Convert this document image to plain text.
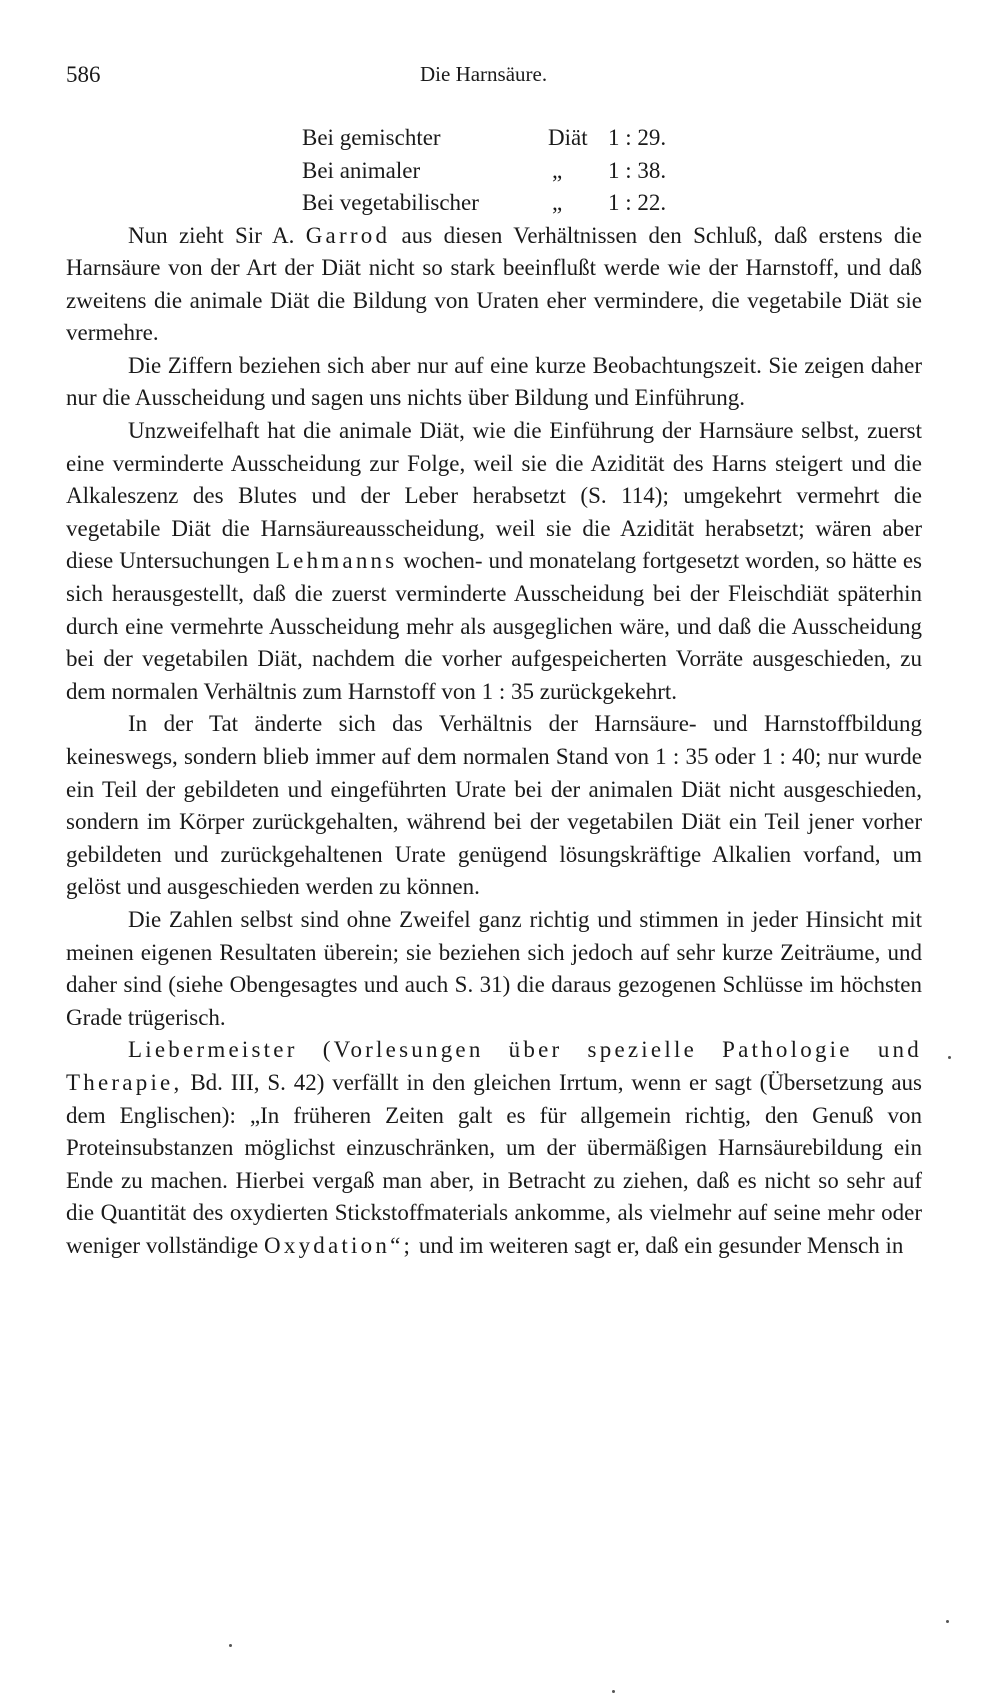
586	Die Harnsäure.
Bei gemischter	Diät 1 : 29.
Bei animaler	„	1 : 38.
Bei vegetabilischer	„	1 : 22.

Nun zieht Sir A. Garrod aus diesen Verhältnissen den Schluß, daß erstens die Harnsäure von der Art der Diät nicht so stark beeinflußt werde wie der Harnstoff, und daß zweitens die animale Diät die Bildung von Uraten eher vermindere, die vegetabile Diät sie vermehre.

Die Ziffern beziehen sich aber nur auf eine kurze Beobachtungszeit. Sie zeigen daher nur die Ausscheidung und sagen uns nichts über Bildung und Einführung.

Unzweifelhaft hat die animale Diät, wie die Einführung der Harnsäure selbst, zuerst eine verminderte Ausscheidung zur Folge, weil sie die Azidität des Harns steigert und die Alkaleszenz des Blutes und der Leber herabsetzt (S. 114); umgekehrt vermehrt die vegetabile Diät die Harnsäureausscheidung, weil sie die Azidität herabsetzt; wären aber diese Untersuchungen Lehmanns wochen- und monatelang fortgesetzt worden, so hätte es sich herausgestellt, daß die zuerst verminderte Ausscheidung bei der Fleischdiät späterhin durch eine vermehrte Ausscheidung mehr als ausgeglichen wäre, und daß die Ausscheidung bei der vegetabilen Diät, nachdem die vorher aufgespeicherten Vorräte ausgeschieden, zu dem normalen Verhältnis zum Harnstoff von 1 : 35 zurückgekehrt.

In der Tat änderte sich das Verhältnis der Harnsäure- und Harnstoffbildung keineswegs, sondern blieb immer auf dem normalen Stand von 1 : 35 oder 1 : 40; nur wurde ein Teil der gebildeten und eingeführten Urate bei der animalen Diät nicht ausgeschieden, sondern im Körper zurückgehalten, während bei der vegetabilen Diät ein Teil jener vorher gebildeten und zurückgehaltenen Urate genügend lösungskräftige Alkalien vorfand, um gelöst und ausgeschieden werden zu können.

Die Zahlen selbst sind ohne Zweifel ganz richtig und stimmen in jeder Hinsicht mit meinen eigenen Resultaten überein; sie beziehen sich jedoch auf sehr kurze Zeiträume, und daher sind (siehe Obengesagtes und auch S. 31) die daraus gezogenen Schlüsse im höchsten Grade trügerisch.

Liebermeister (Vorlesungen über spezielle Pathologie und Therapie, Bd. III, S. 42) verfällt in den gleichen Irrtum, wenn er sagt (Übersetzung aus dem Englischen): „In früheren Zeiten galt es für allgemein richtig, den Genuß von Proteinsubstanzen möglichst einzuschränken, um der übermäßigen Harnsäurebildung ein Ende zu machen. Hierbei vergaß man aber, in Betracht zu ziehen, daß es nicht so sehr auf die Quantität des oxydierten Stickstoffmaterials ankomme, als vielmehr auf seine mehr oder weniger vollständige Oxydation“; und im weiteren sagt er, daß ein gesunder Mensch in
